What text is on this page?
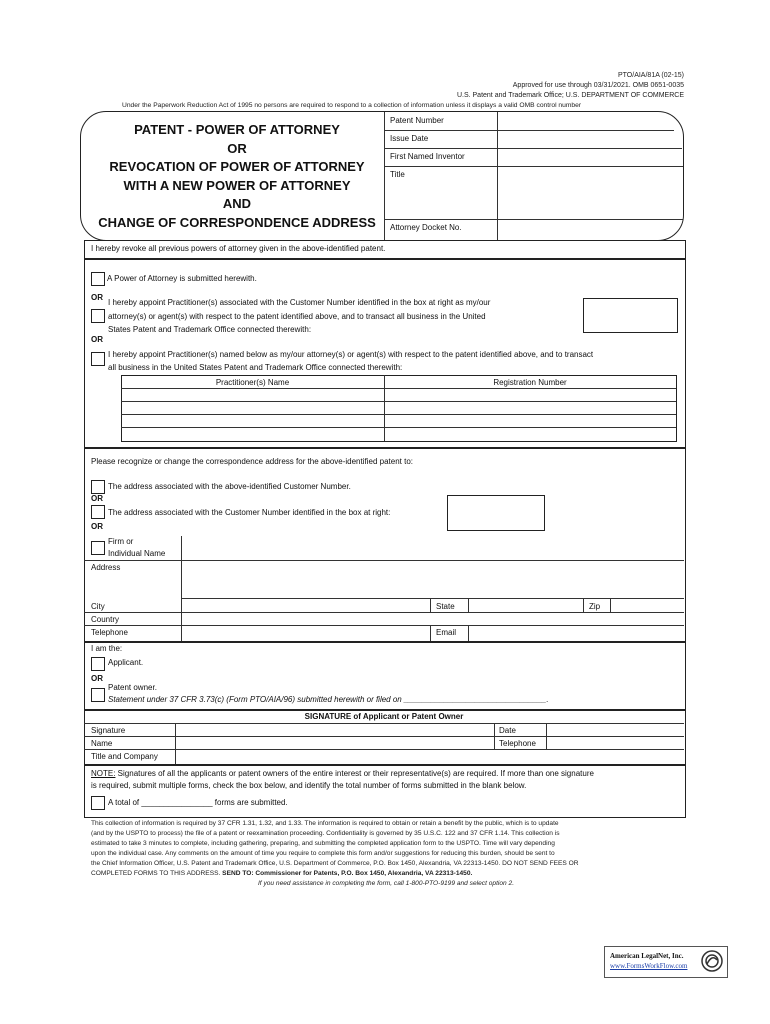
PTO/AIA/81A (02-15)
Approved for use through 03/31/2021. OMB 0651-0035
U.S. Patent and Trademark Office; U.S. DEPARTMENT OF COMMERCE
Under the Paperwork Reduction Act of 1995 no persons are required to respond to a collection of information unless it displays a valid OMB control number
PATENT - POWER OF ATTORNEY
OR
REVOCATION OF POWER OF ATTORNEY
WITH A NEW POWER OF ATTORNEY
AND
CHANGE OF CORRESPONDENCE ADDRESS
Patent Number
Issue Date
First Named Inventor
Title
Attorney Docket No.
I hereby revoke all previous powers of attorney given in the above-identified patent.
A Power of Attorney is submitted herewith.
OR
I hereby appoint Practitioner(s) associated with the Customer Number identified in the box at right as my/our
attorney(s) or agent(s) with respect to the patent identified above, and to transact all business in the United
States Patent and Trademark Office connected therewith:
OR
I hereby appoint Practitioner(s) named below as my/our attorney(s) or agent(s) with respect to the patent identified above, and to transact
all business in the United States Patent and Trademark Office connected therewith:
Practitioner(s) Name	Registration Number
Please recognize or change the correspondence address for the above-identified patent to:
The address associated with the above-identified Customer Number.
OR
The address associated with the Customer Number identified in the box at right:
OR
Firm or
Individual Name
Address
City	State	Zip
Country
Telephone	Email
I am the:
Applicant.
OR
Patent owner.
Statement under 37 CFR 3.73(c) (Form PTO/AIA/96) submitted herewith or filed on ________________________________.
SIGNATURE of Applicant or Patent Owner
Signature	Date
Name	Telephone
Title and Company
NOTE: Signatures of all the applicants or patent owners of the entire interest or their representative(s) are required. If more than one signature
is required, submit multiple forms, check the box below, and identify the total number of forms submitted in the blank below.
A total of ________________ forms are submitted.
This collection of information is required by 37 CFR 1.31, 1.32, and 1.33. The information is required to obtain or retain a benefit by the public, which is to update
(and by the USPTO to process) the file of a patent or reexamination proceeding. Confidentiality is governed by 35 U.S.C. 122 and 37 CFR 1.14. This collection is
estimated to take 3 minutes to complete, including gathering, preparing, and submitting the completed application form to the USPTO. Time will vary depending
upon the individual case. Any comments on the amount of time you require to complete this form and/or suggestions for reducing this burden, should be sent to
the Chief Information Officer, U.S. Patent and Trademark Office, U.S. Department of Commerce, P.O. Box 1450, Alexandria, VA 22313-1450. DO NOT SEND FEES OR
COMPLETED FORMS TO THIS ADDRESS. SEND TO: Commissioner for Patents, P.O. Box 1450, Alexandria, VA 22313-1450.
If you need assistance in completing the form, call 1-800-PTO-9199 and select option 2.
American LegalNet, Inc.
www.FormsWorkFlow.com
